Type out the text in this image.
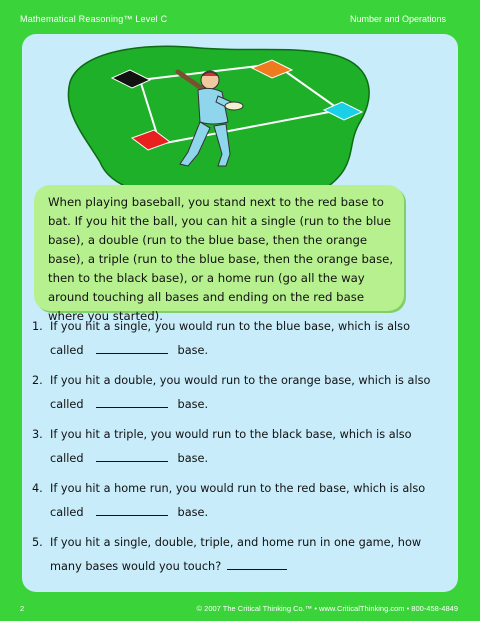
Mathematical Reasoning™ Level C	Number and Operations
When playing baseball, you stand next to the red base to bat. If you hit the ball, you can hit a single (run to the blue base), a double (run to the blue base, then the orange base), a triple (run to the blue base, then the orange base, then to the black base), or a home run (go all the way around touching all bases and ending on the red base where you started).
1. If you hit a single, you would run to the blue base, which is also
called	base.
2. If you hit a double, you would run to the orange base, which is also
called	base.
3. If you hit a triple, you would run to the black base, which is also
called	base.
4. If you hit a home run, you would run to the red base, which is also
called	base.
5. If you hit a single, double, triple, and home run in one game, how
many bases would you touch?
2	© 2007 The Critical Thinking Co.™ • www.CriticalThinking.com • 800-458-4849
